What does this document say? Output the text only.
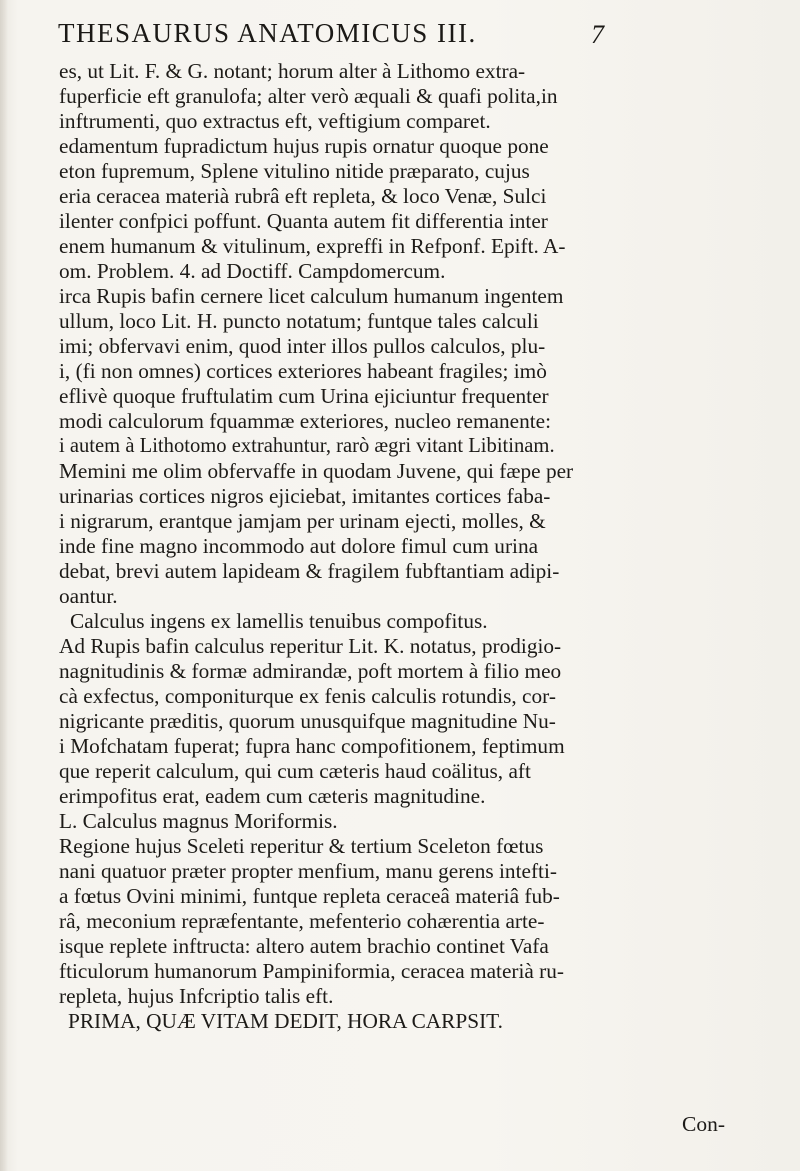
THESAURUS ANATOMICUS III.	7
es, ut Lit. F. & G. notant; horum alter à Lithomo extra-
fuperficie eft granulofa; alter verò æquali & quafi polita,in
inftrumenti, quo extractus eft, veftigium comparet.
edamentum fupradictum hujus rupis ornatur quoque pone
eton fupremum, Splene vitulino nitide præparato, cujus
eria ceracea materià rubrâ eft repleta, & loco Venæ, Sulci
ilenter confpici poffunt. Quanta autem fit differentia inter
enem humanum & vitulinum, expreffi in Refponf. Epift. A-
om. Problem. 4. ad Doctiff. Campdomercum.
irca Rupis bafin cernere licet calculum humanum ingentem
ullum, loco Lit. H. puncto notatum; funtque tales calculi
imi; obfervavi enim, quod inter illos pullos calculos, plu-
i, (fi non omnes) cortices exteriores habeant fragiles; imò
eflivè quoque fruftulatim cum Urina ejiciuntur frequenter
modi calculorum fquammæ exteriores, nucleo remanente:
i autem à Lithotomo extrahuntur, rarò ægri vitant Libitinam.
Memini me olim obfervaffe in quodam Juvene, qui fæpe per
urinarias cortices nigros ejiciebat, imitantes cortices faba-
i nigrarum, erantque jamjam per urinam ejecti, molles, &
inde fine magno incommodo aut dolore fimul cum urina
debat, brevi autem lapideam & fragilem fubftantiam adipi-
oantur.
Calculus ingens ex lamellis tenuibus compofitus.
Ad Rupis bafin calculus reperitur Lit. K. notatus, prodigio-
nagnitudinis & formæ admirandæ, poft mortem à filio meo
cà exfectus, componiturque ex fenis calculis rotundis, cor-
nigricante præditis, quorum unusquifque magnitudine Nu-
i Mofchatam fuperat; fupra hanc compofitionem, feptimum
que reperit calculum, qui cum cæteris haud coälitus, aft
erimpofitus erat, eadem cum cæteris magnitudine.
L. Calculus magnus Moriformis.
Regione hujus Sceleti reperitur & tertium Sceleton fœtus
nani quatuor præter propter menfium, manu gerens intefti-
a fœtus Ovini minimi, funtque repleta ceraceâ materiâ fub-
râ, meconium repræfentante, mefenterio cohærentia arte-
isque replete inftructa: altero autem brachio continet Vafa
fticulorum humanorum Pampiniformia, ceracea materià ru-
repleta, hujus Infcriptio talis eft.
PRIMA, QUÆ VITAM DEDIT, HORA CARPSIT.
Con-
